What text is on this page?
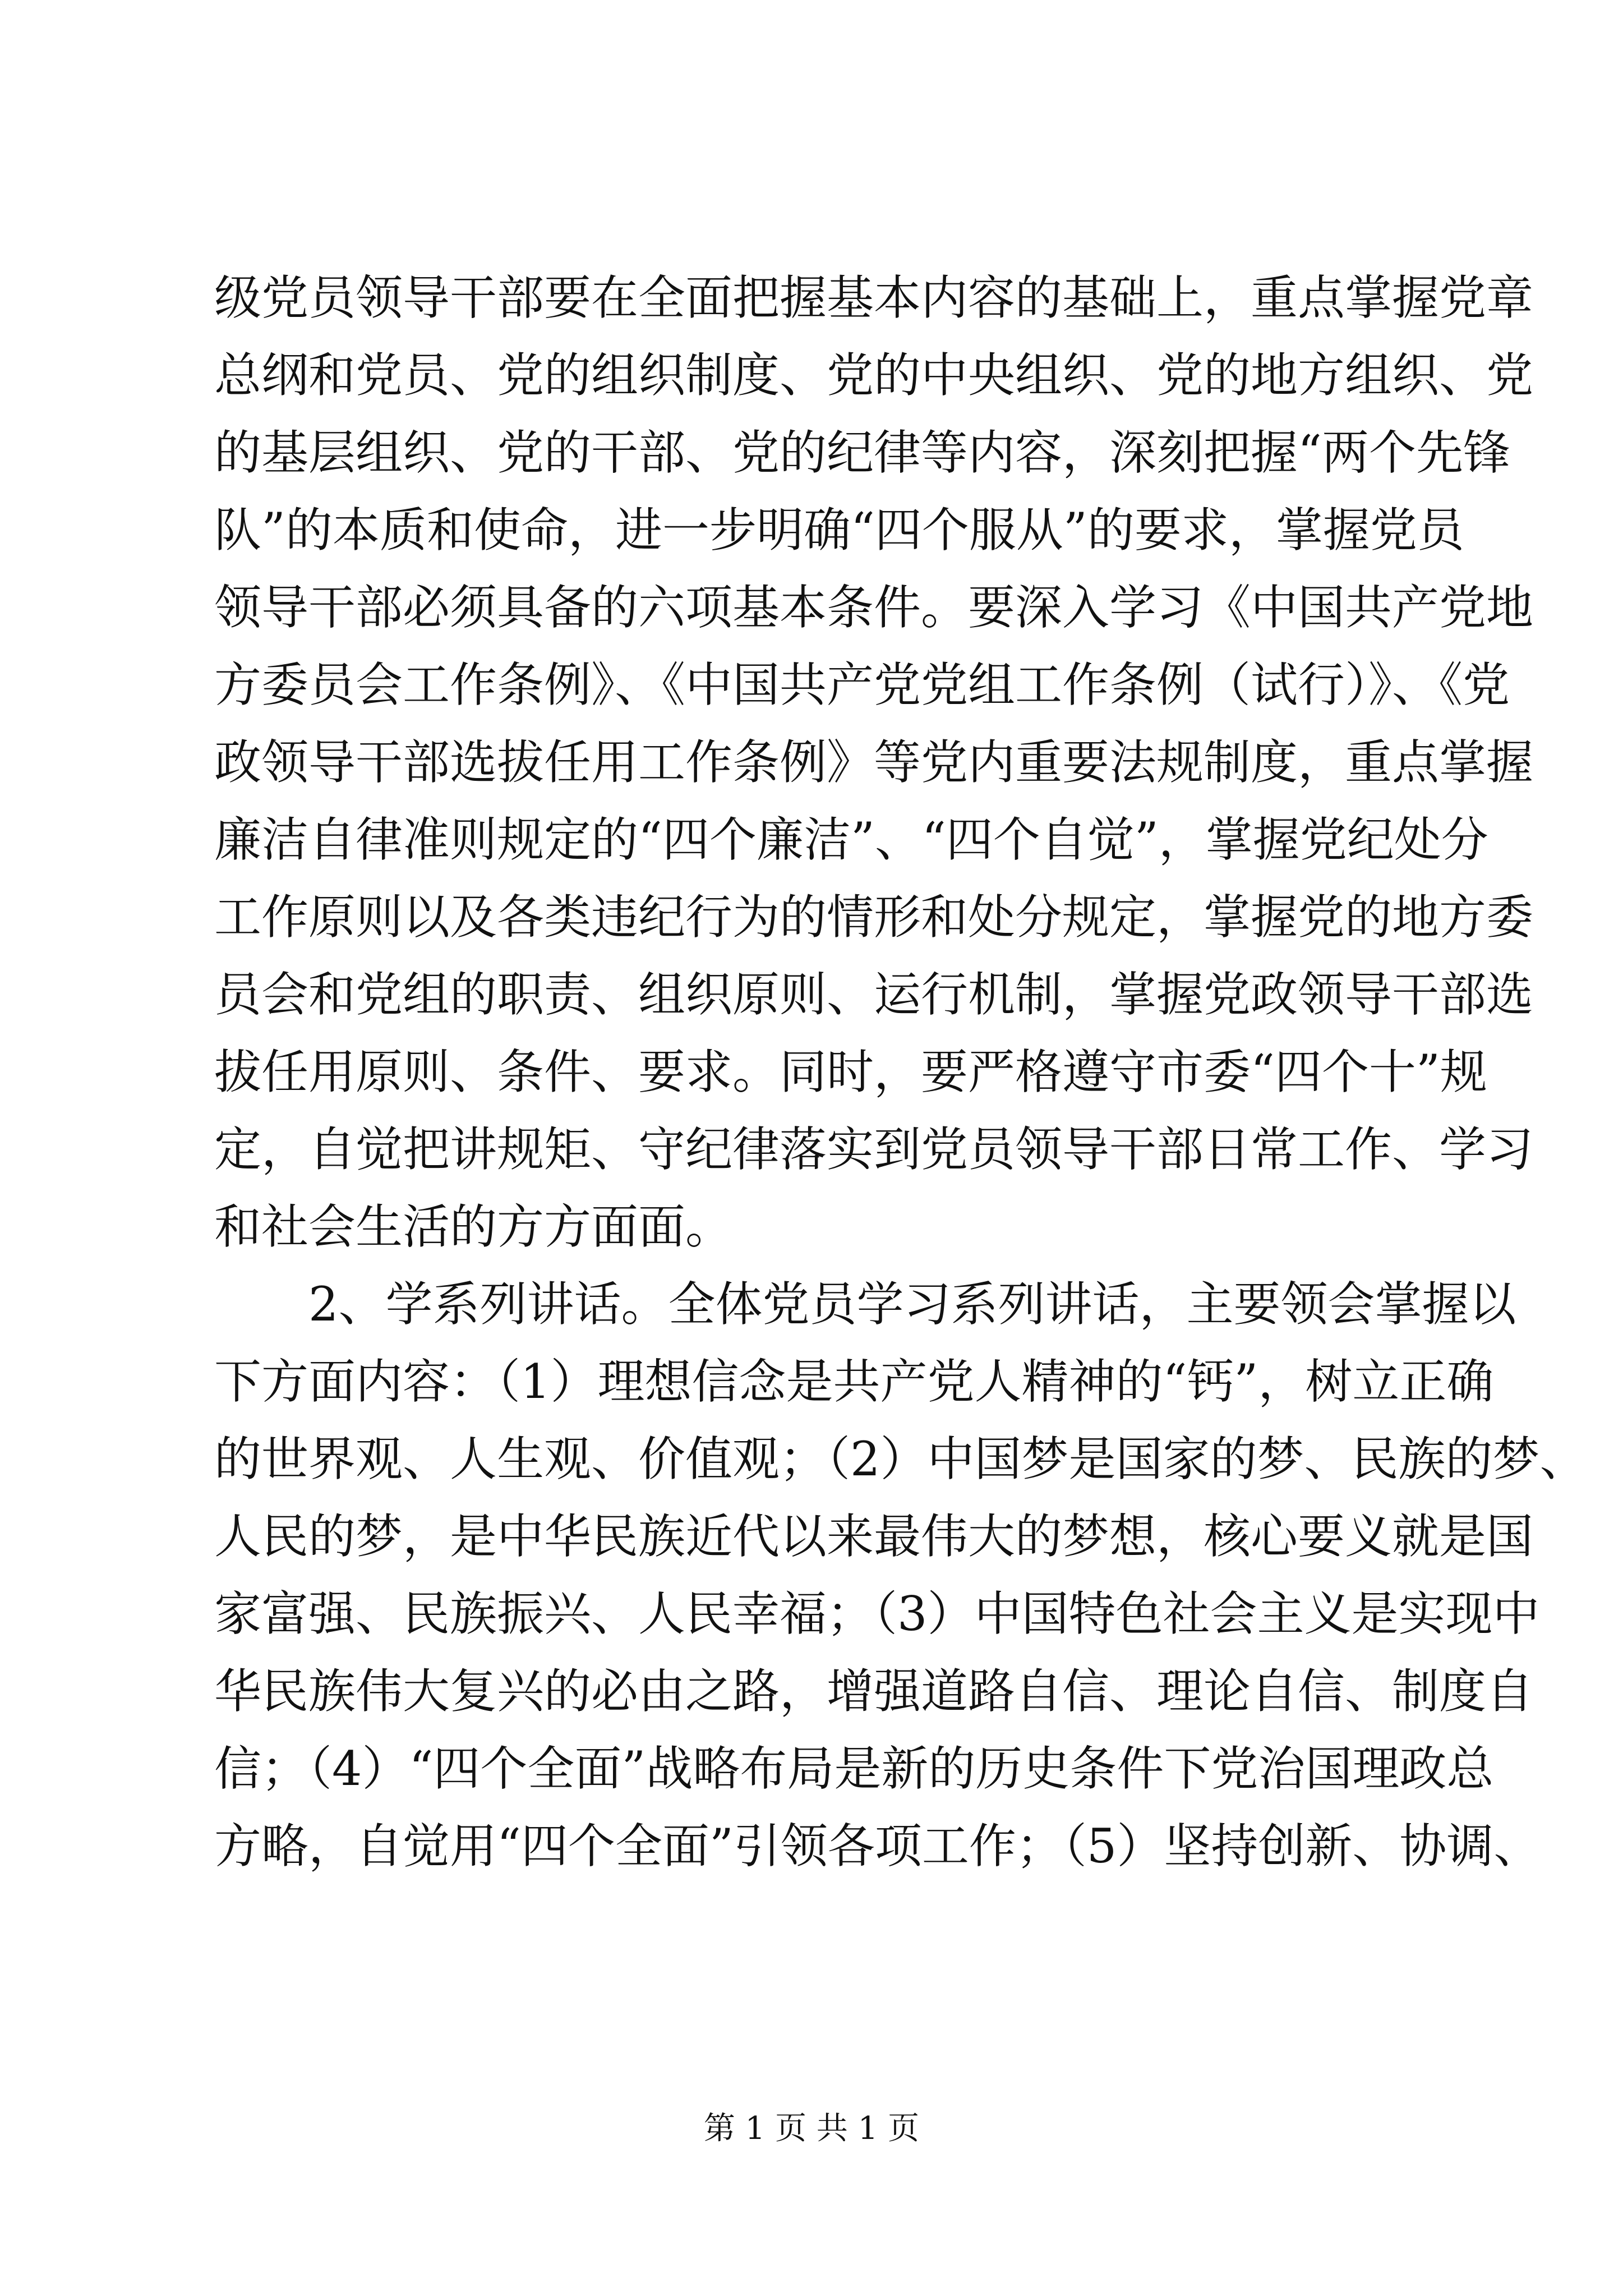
级党员领导干部要在全面把握基本内容的基础上，重点掌握党章
总纲和党员、党的组织制度、党的中央组织、党的地方组织、党
的基层组织、党的干部、党的纪律等内容，深刻把握“两个先锋
队”的本质和使命，进一步明确“四个服从”的要求，掌握党员
领导干部必须具备的六项基本条件。要深入学习《中国共产党地
方委员会工作条例》、《中国共产党党组工作条例（试行）》、《党
政领导干部选拔任用工作条例》等党内重要法规制度，重点掌握
廉洁自律准则规定的“四个廉洁”、“四个自觉”，掌握党纪处分
工作原则以及各类违纪行为的情形和处分规定，掌握党的地方委
员会和党组的职责、组织原则、运行机制，掌握党政领导干部选
拔任用原则、条件、要求。同时，要严格遵守市委“四个十”规
定，自觉把讲规矩、守纪律落实到党员领导干部日常工作、学习
和社会生活的方方面面。
2、学系列讲话。全体党员学习系列讲话，主要领会掌握以
下方面内容：（1）理想信念是共产党人精神的“钙”，树立正确
的世界观、人生观、价值观；（2）中国梦是国家的梦、民族的梦、
人民的梦，是中华民族近代以来最伟大的梦想，核心要义就是国
家富强、民族振兴、人民幸福；（3）中国特色社会主义是实现中
华民族伟大复兴的必由之路，增强道路自信、理论自信、制度自
信；（4）“四个全面”战略布局是新的历史条件下党治国理政总
方略，自觉用“四个全面”引领各项工作；（5）坚持创新、协调、
第 1 页 共 1 页
